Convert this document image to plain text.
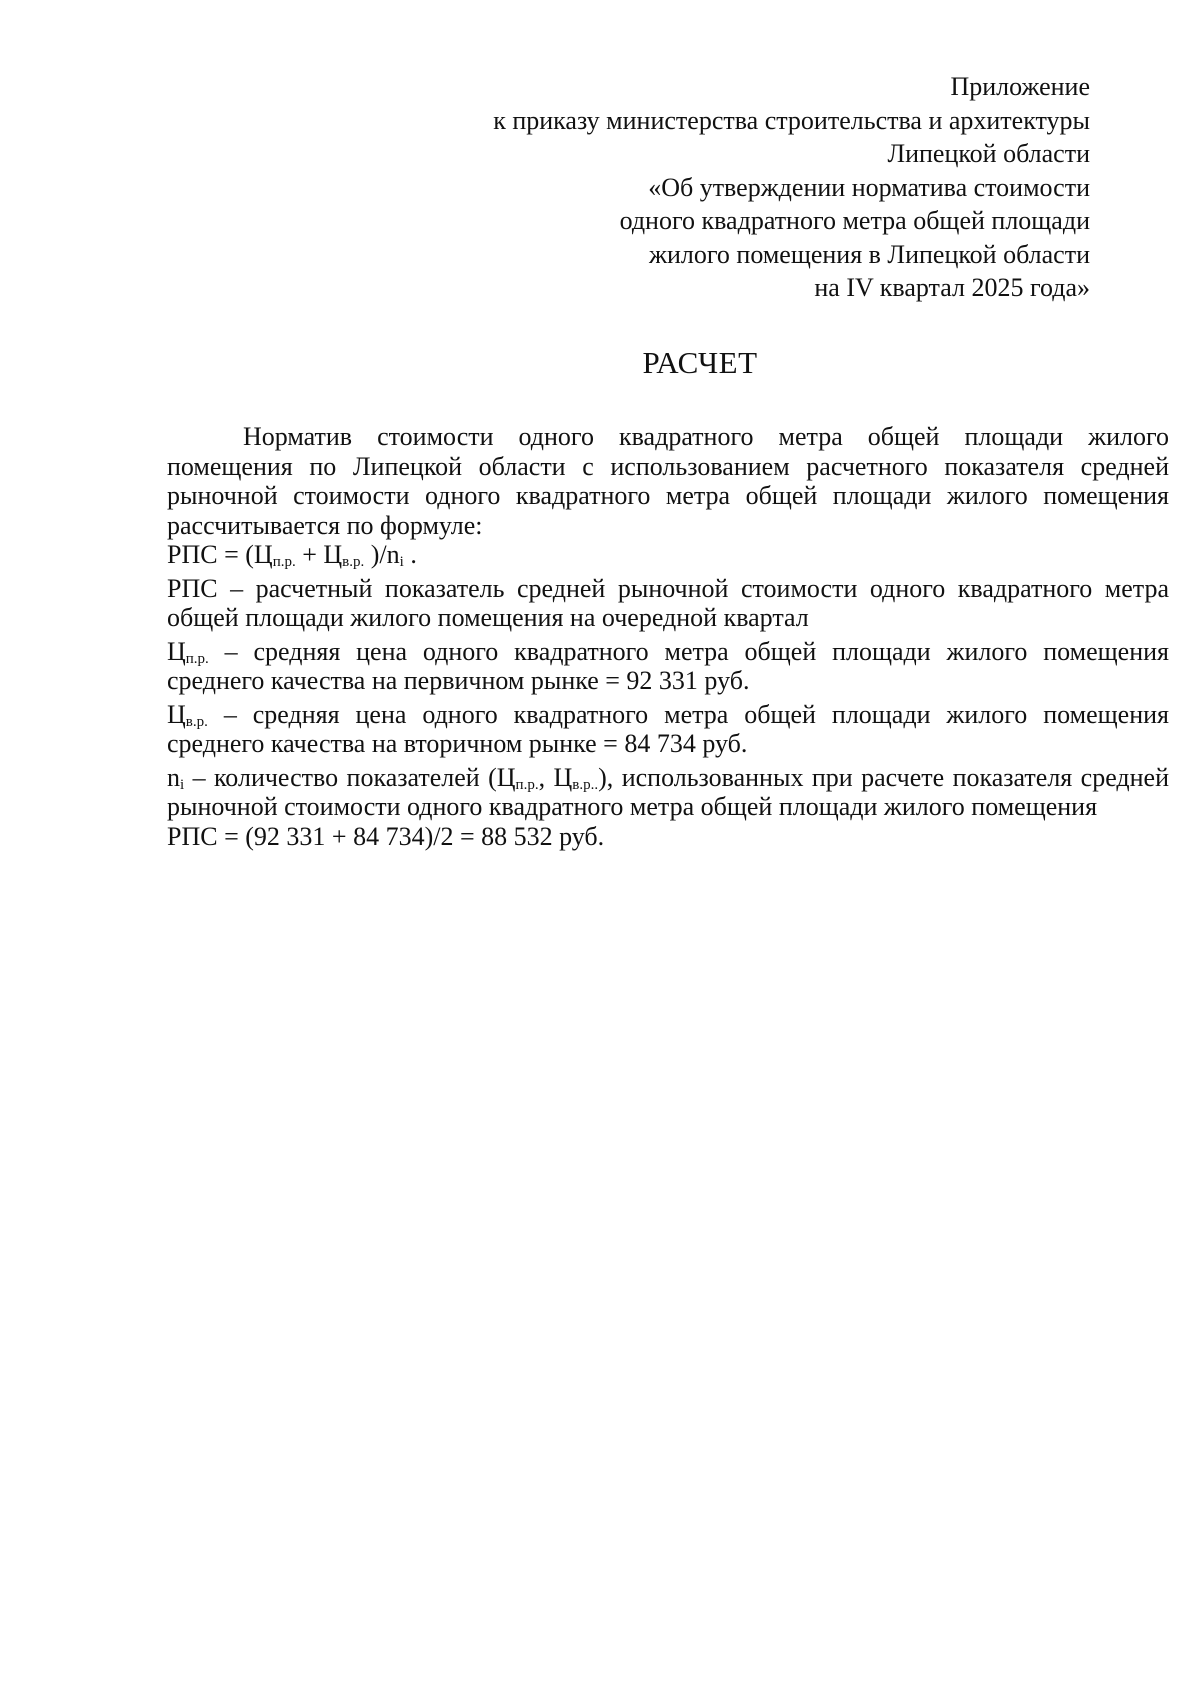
Приложение
к приказу министерства строительства и архитектуры
Липецкой области
«Об утверждении норматива стоимости
одного квадратного метра общей площади
жилого помещения в Липецкой области
на IV квартал 2025 года»
РАСЧЕТ

Норматив стоимости одного квадратного метра общей площади жилого помещения по Липецкой области с использованием расчетного показателя средней рыночной стоимости одного квадратного метра общей площади жилого помещения рассчитывается по формуле:

РПС = ($Ц_{п.р.} + Ц_{в.р.}$ )$/n_i$ .

РПС – расчетный показатель средней рыночной стоимости одного квадратного метра общей площади жилого помещения на очередной квартал

$Ц_{п.р.}$ – средняя цена одного квадратного метра общей площади жилого помещения среднего качества на первичном рынке = 92 331 руб.

$Ц_{в.р.}$ – средняя цена одного квадратного метра общей площади жилого помещения среднего качества на вторичном рынке = 84 734 руб.

$n_i$ – количество показателей ($Ц_{п.р.}$, $Ц_{в.р..}$), использованных при расчете показателя средней рыночной стоимости одного квадратного метра общей площади жилого помещения

РПС = (92 331 + 84 734)/2 = 88 532 руб.
